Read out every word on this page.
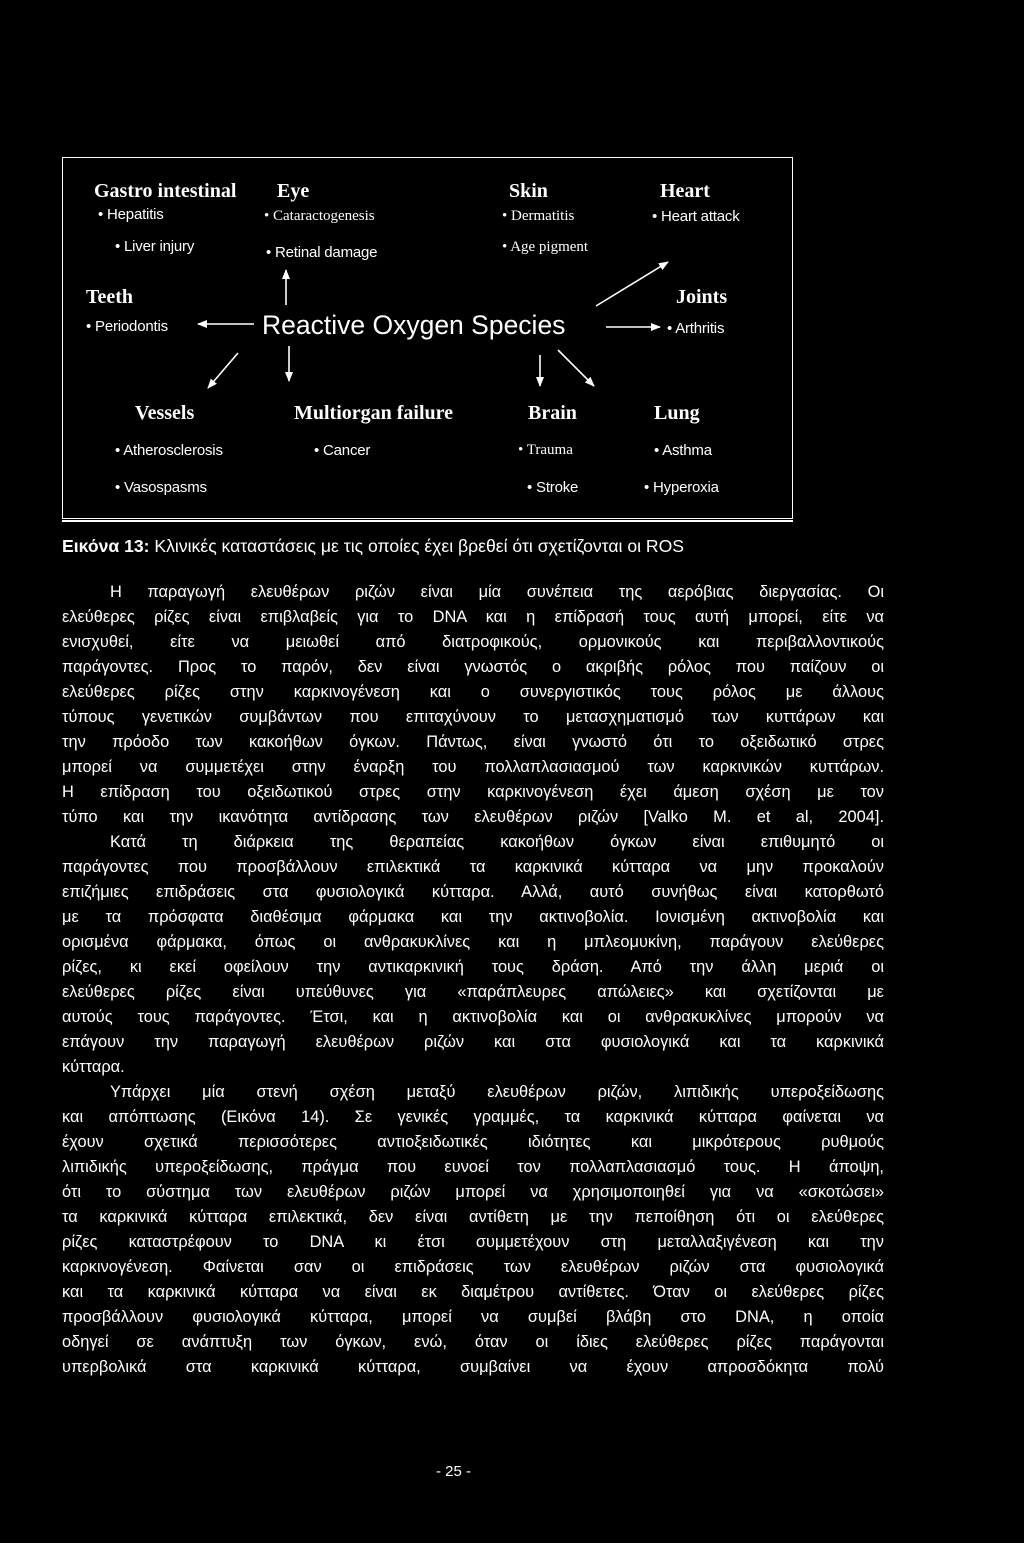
Gastro intestinal Eye	Skin	Heart
• Hepatitis	• Cataractogenesis	• Dermatitis	• Heart attack
• Liver injury	• Retinal damage	• Age pigment
Teeth
• Periodontis	Reactive Oxygen Species
Joints
• Arthritis
Vessels	Multiorgan failure	Brain	Lung
• Atherosclerosis	• Cancer	• Trauma	• Asthma
• Vasospasms	• Stroke	• Hyperoxia
Εικόνα 13: Κλινικές καταστάσεις με τις οποίες έχει βρεθεί ότι σχετίζονται οι ROS
Η παραγωγή ελευθέρων ριζών είναι μία συνέπεια της αερόβιας διεργασίας. Οι
ελεύθερες ρίζες είναι επιβλαβείς για το DNA και η επίδρασή τους αυτή μπορεί, είτε να
ενισχυθεί, είτε να μειωθεί από διατροφικούς, ορμονικούς και περιβαλλοντικούς
παράγοντες. Προς το παρόν, δεν είναι γνωστός ο ακριβής ρόλος που παίζουν οι
ελεύθερες ρίζες στην καρκινογένεση και ο συνεργιστικός τους ρόλος με άλλους
τύπους γενετικών συμβάντων που επιταχύνουν το μετασχηματισμό των κυττάρων και
την πρόοδο των κακοήθων όγκων. Πάντως, είναι γνωστό ότι το οξειδωτικό στρες
μπορεί να συμμετέχει στην έναρξη του πολλαπλασιασμού των καρκινικών κυττάρων.
Η επίδραση του οξειδωτικού στρες στην καρκινογένεση έχει άμεση σχέση με τον
τύπο και την ικανότητα αντίδρασης των ελευθέρων ριζών [Valko M. et al, 2004].
Κατά τη διάρκεια της θεραπείας κακοήθων όγκων είναι επιθυμητό οι
παράγοντες που προσβάλλουν επιλεκτικά τα καρκινικά κύτταρα να μην προκαλούν
επιζήμιες επιδράσεις στα φυσιολογικά κύτταρα. Αλλά, αυτό συνήθως είναι κατορθωτό
με τα πρόσφατα διαθέσιμα φάρμακα και την ακτινοβολία. Ιονισμένη ακτινοβολία και
ορισμένα φάρμακα, όπως οι ανθρακυκλίνες και η μπλεομυκίνη, παράγουν ελεύθερες
ρίζες, κι εκεί οφείλουν την αντικαρκινική τους δράση. Από την άλλη μεριά οι
ελεύθερες ρίζες είναι υπεύθυνες για «παράπλευρες απώλειες» και σχετίζονται με
αυτούς τους παράγοντες. Έτσι, και η ακτινοβολία και οι ανθρακυκλίνες μπορούν να
επάγουν την παραγωγή ελευθέρων ριζών και στα φυσιολογικά και τα καρκινικά
κύτταρα.
Υπάρχει μία στενή σχέση μεταξύ ελευθέρων ριζών, λιπιδικής υπεροξείδωσης
και απόπτωσης (Εικόνα 14). Σε γενικές γραμμές, τα καρκινικά κύτταρα φαίνεται να
έχουν σχετικά περισσότερες αντιοξειδωτικές ιδιότητες και μικρότερους ρυθμούς
λιπιδικής υπεροξείδωσης, πράγμα που ευνοεί τον πολλαπλασιασμό τους. Η άποψη,
ότι το σύστημα των ελευθέρων ριζών μπορεί να χρησιμοποιηθεί για να «σκοτώσει»
τα καρκινικά κύτταρα επιλεκτικά, δεν είναι αντίθετη με την πεποίθηση ότι οι ελεύθερες
ρίζες καταστρέφουν το DNA κι έτσι συμμετέχουν στη μεταλλαξιγένεση και την
καρκινογένεση. Φαίνεται σαν οι επιδράσεις των ελευθέρων ριζών στα φυσιολογικά
και τα καρκινικά κύτταρα να είναι εκ διαμέτρου αντίθετες. Όταν οι ελεύθερες ρίζες
προσβάλλουν φυσιολογικά κύτταρα, μπορεί να συμβεί βλάβη στο DNA, η οποία
οδηγεί σε ανάπτυξη των όγκων, ενώ, όταν οι ίδιες ελεύθερες ρίζες παράγονται
υπερβολικά στα καρκινικά κύτταρα, συμβαίνει να έχουν απροσδόκητα πολύ
- 25 -
